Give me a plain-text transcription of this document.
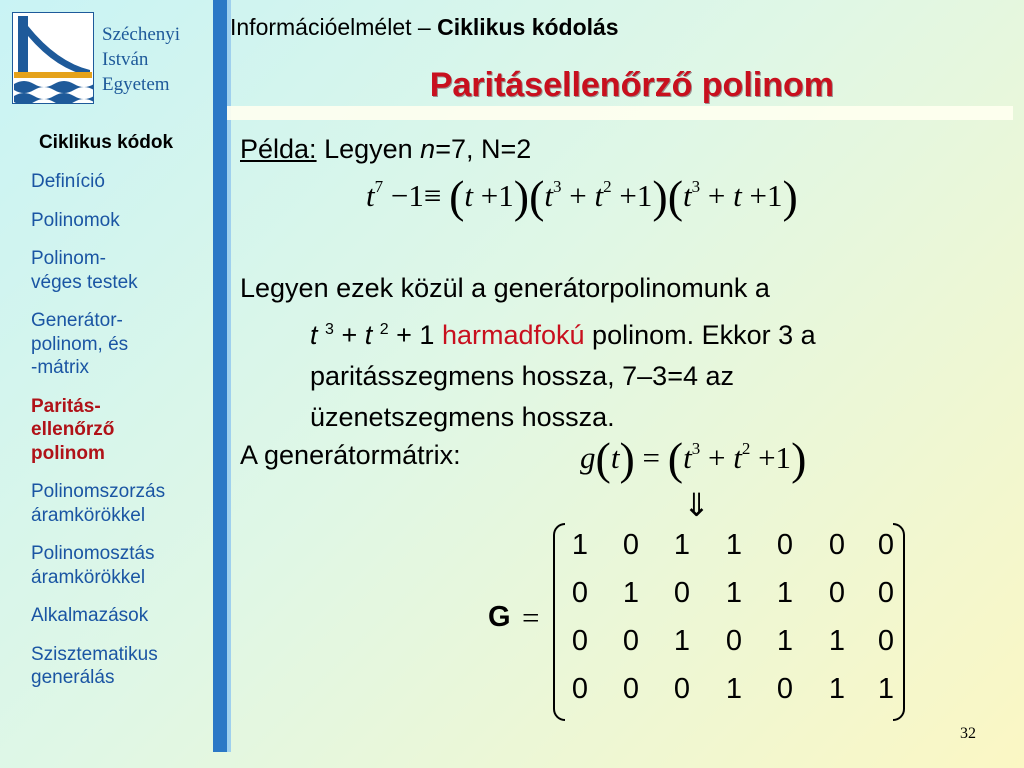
Széchenyi
István
Egyetem
Információelmélet – Ciklikus kódolás
Paritásellenőrző polinom
Ciklikus kódok
Definíció
Polinomok
Polinom-
véges testek
Generátor-
polinom, és
-mátrix
Paritás-
ellenőrző
polinom
Polinomszorzás
áramkörökkel
Polinomosztás
áramkörökkel
Alkalmazások
Szisztematikus
generálás
Példa: Legyen n=7, N=2
$t^7 -1\equiv (t +1)(t^3 + t^2 +1)(t^3 + t +1)$
Legyen ezek közül a generátorpolinomunk a
t $^3$ + t $^2$ + 1 harmadfokú polinom. Ekkor 3 a
paritásszegmens hossza, 7–3=4 az
üzenetszegmens hossza.
A generátormátrix:	$g(t) = (t^3 + t^2 +1)$
⇓
G =
1 0 1 1 0 0 0
0 1 0 1 1 0 0
0 0 1 0 1 1 0
0 0 0 1 0 1 1
32
